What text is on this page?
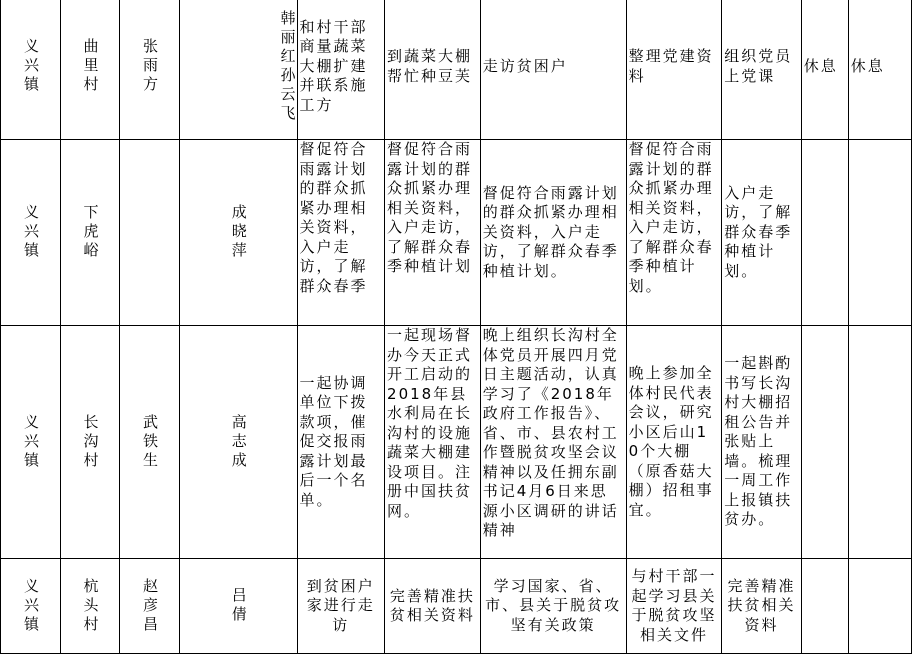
义兴镇	曲里村	张雨方	韩丽红孙云飞	和村干部商量蔬菜大棚扩建并联系施工方	到蔬菜大棚帮忙种豆芙	走访贫困户	整理党建资料	组织党员上党课	休息	休息
义兴镇	下虎峪		成晓萍	督促符合雨露计划的群众抓紧办理相关资料，入户走访，了解群众春季	督促符合雨露计划的群众抓紧办理相关资料，入户走访，了解群众春季种植计划	督促符合雨露计划的群众抓紧办理相关资料，入户走访，了解群众春季种植计划。	督促符合雨露计划的群众抓紧办理相关资料，入户走访，了解群众春季种植计划。	入户走访，了解群众春季种植计划。		
义兴镇	长沟村	武铁生	高志成	一起协调单位下拨款项，催促交报雨露计划最后一个名单。	一起现场督办今天正式开工启动的2018年县水利局在长沟村的设施蔬菜大棚建设项目。注册中国扶贫网。	晚上组织长沟村全体党员开展四月党日主题活动，认真学习了《2018年政府工作报告》、省、市、县农村工作暨脱贫攻坚会议精神以及任拥东副书记4月6日来思源小区调研的讲话精神	晚上参加全体村民代表会议，研究小区后山10个大棚（原香菇大棚）招租事宜。	一起斟酌书写长沟村大棚招租公告并张贴上墙。梳理一周工作上报镇扶贫办。		
义兴镇	杭头村	赵彦昌	吕倩	到贫困户家进行走访	完善精准扶贫相关资料	学习国家、省、市、县关于脱贫攻坚有关政策	与村干部一起学习县关于脱贫攻坚相关文件	完善精准扶贫相关资料		
